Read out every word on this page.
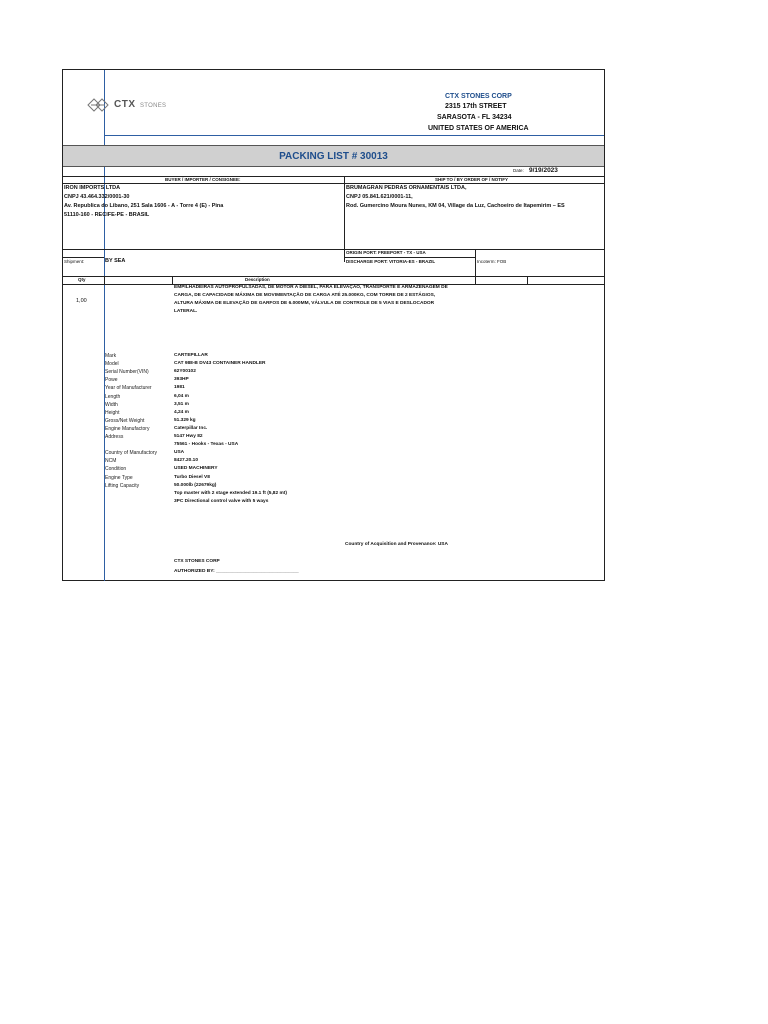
CTX STONES
CTX STONES CORP
2315 17th STREET
SARASOTA - FL 34234
UNITED STATES OF AMERICA
PACKING LIST # 30013
Date: 9/19/2023
BUYER / IMPORTER / CONSIGNEE:	SHIP TO / BY ORDER OF / NOTIFY
IRON IMPORTS LTDA
CNPJ 43.464.332/0001-30
Av. Republica do Libano, 251 Sala 1606 - A - Torre 4 (E) - Pina
51110-160 - RECIFE-PE - BRASIL
BRUMAGRAN PEDRAS ORNAMENTAIS LTDA,
CNPJ 05.841.621/0001-11,
Rod. Gumercino Moura Nunes, KM 04, Village da Luz, Cachoeiro de Itapemirim – ES
ORIGIN PORT: FREEPORT - TX - USA
Shipment:	BY SEA	DISCHARGE PORT: VITORIA-ES - BRAZIL	Incoterm: FOB
Qty	Description
1,00
EMPILHADEIRAS AUTOPROPULSADAS, DE MOTOR A DIESEL, PARA ELEVAÇÃO, TRANSPORTE E ARMAZENAGEM DE
CARGA, DE CAPACIDADE MÁXIMA DE MOVIMENTAÇÃO DE CARGA ATÉ 25.000KG, COM TORRE DE 2 ESTÁGIOS,
ALTURA MÁXIMA DE ELEVAÇÃO DE GARFOS DE 6.000MM, VÁLVULA DE CONTROLE DE 5 VIAS E DESLOCADOR
LATERAL.
Mark	CARTEPILLAR
Model	CAT 988-B DV43 CONTAINER HANDLER
Serial Number(VIN)	62Y00102
Powe	393HP
Year of Manufacturer	1981
Length	6,04 m
Width	3,51 m
Height	4,24 m
Gross/Net Weight	51.329 kg
Engine Manufactory	Caterpillar Inc.
Address	5147 Hwy 82
75561 - Hooks - Texas - USA
Country of Manufactory	USA
NCM	8427.20.10
Condition	USED MACHINERY
Engine Type	Turbo Diesel V8
Lifting Capacity	50.000lb (22679kg)
Top master with 2 stage extended 19.1 ft (5,82 mt)
3PC Directional control valve with 5 ways
Country of Acquisition and Provenance: USA
CTX STONES CORP
AUTHORIZED BY: _______________________________
